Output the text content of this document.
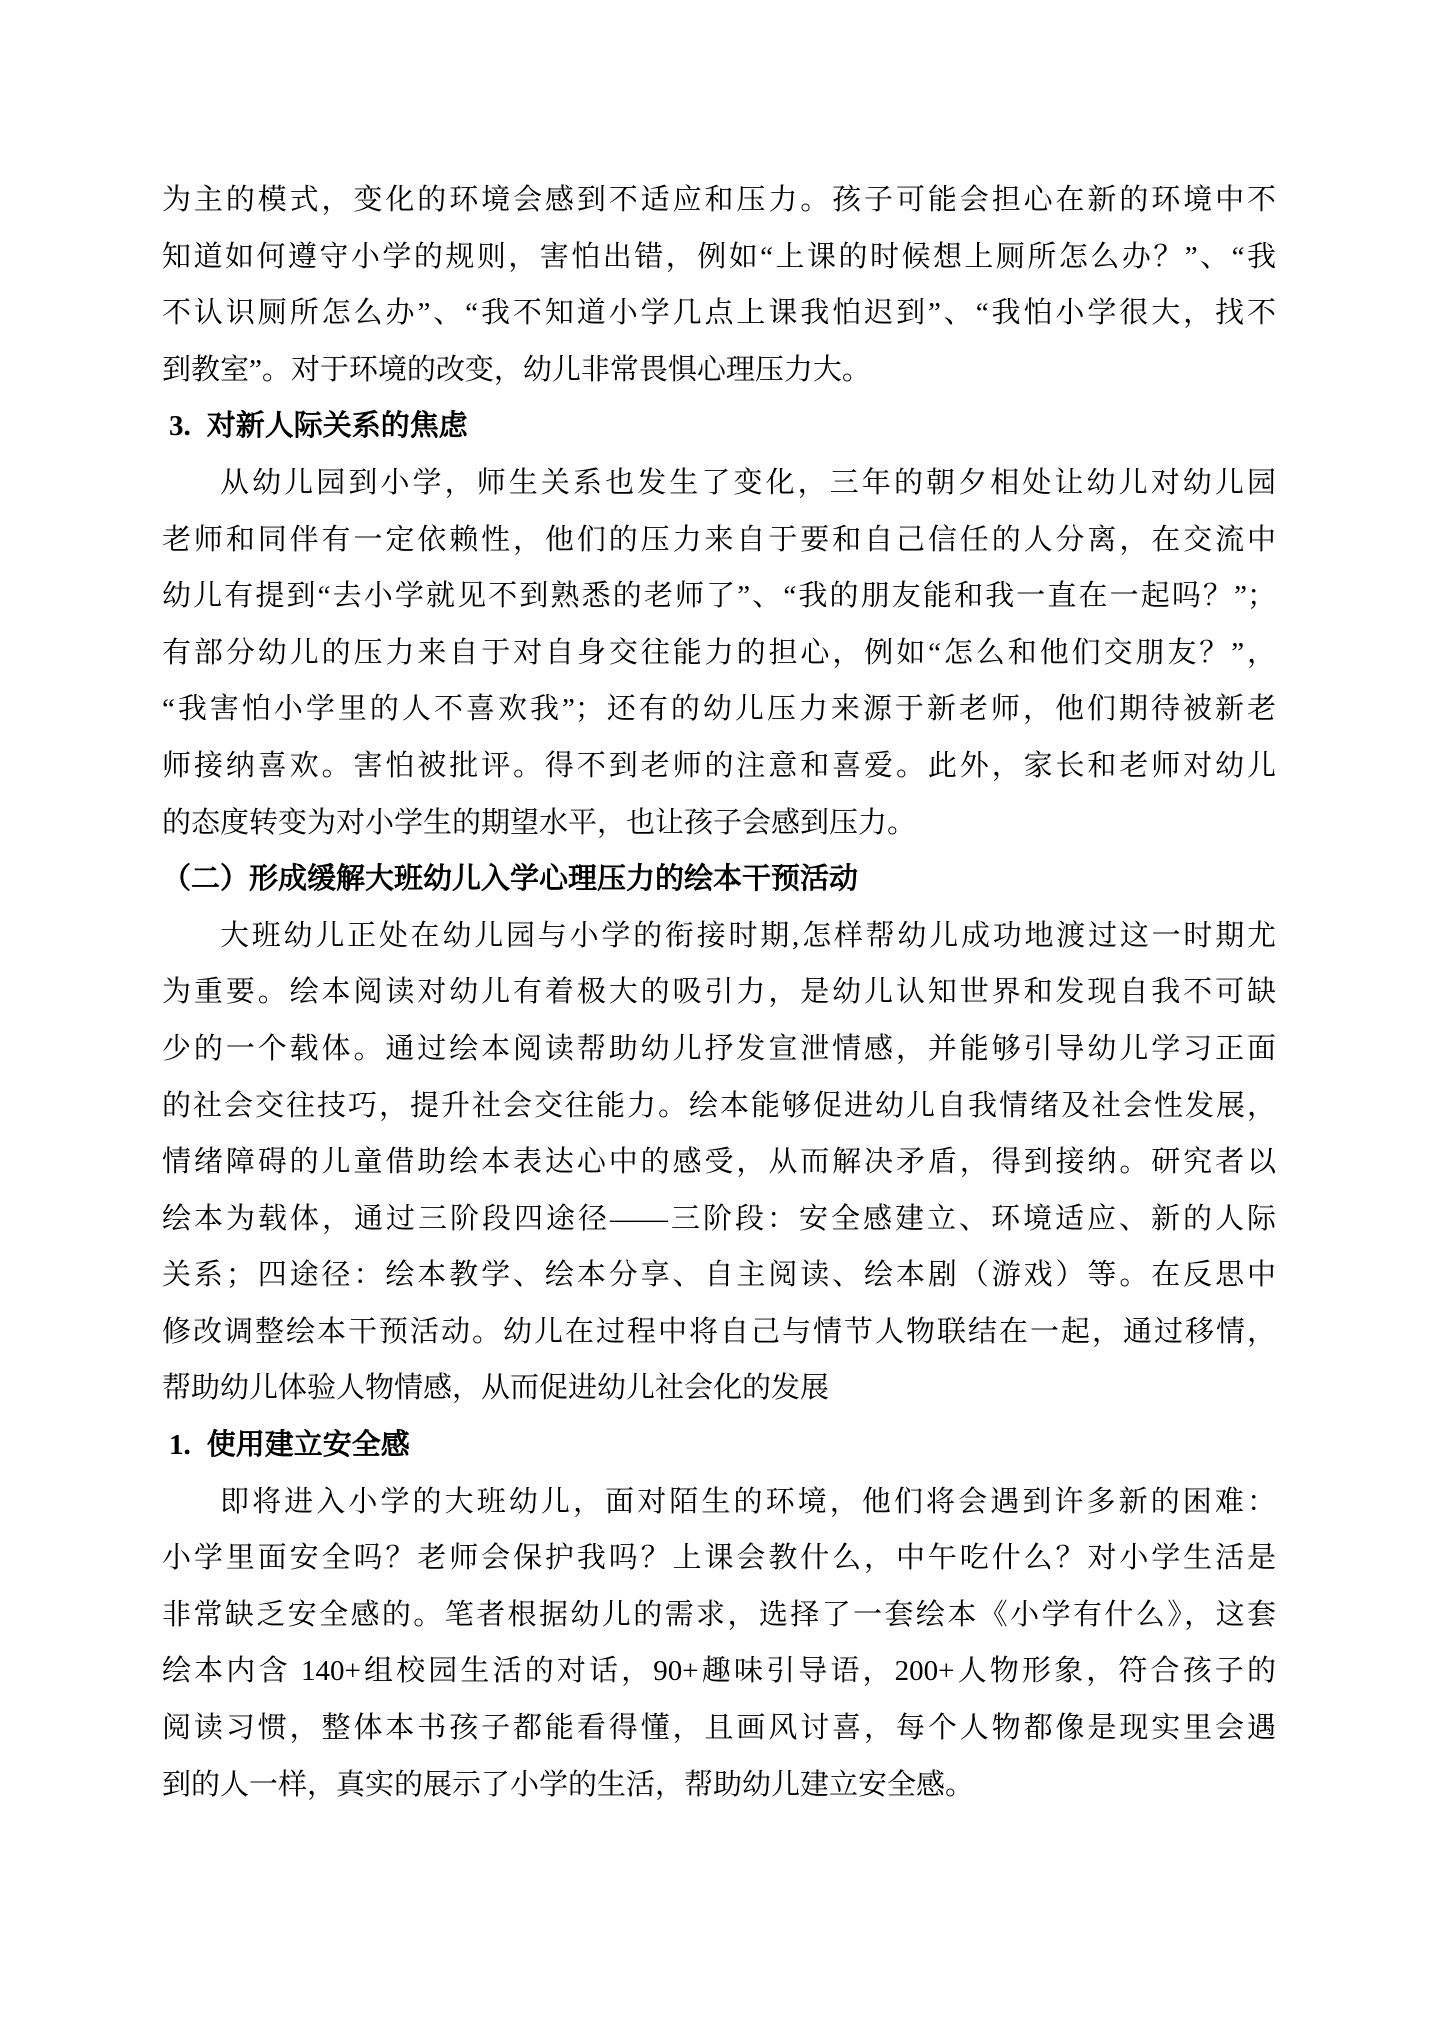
为主的模式，变化的环境会感到不适应和压力。孩子可能会担心在新的环境中不
知道如何遵守小学的规则，害怕出错，例如“上课的时候想上厕所怎么办？”、“我
不认识厕所怎么办”、“我不知道小学几点上课我怕迟到”、“我怕小学很大，找不
到教室”。对于环境的改变，幼儿非常畏惧心理压力大。
3. 对新人际关系的焦虑
从幼儿园到小学，师生关系也发生了变化，三年的朝夕相处让幼儿对幼儿园
老师和同伴有一定依赖性，他们的压力来自于要和自己信任的人分离，在交流中
幼儿有提到“去小学就见不到熟悉的老师了”、“我的朋友能和我一直在一起吗？”；
有部分幼儿的压力来自于对自身交往能力的担心，例如“怎么和他们交朋友？”，
“我害怕小学里的人不喜欢我”；还有的幼儿压力来源于新老师，他们期待被新老
师接纳喜欢。害怕被批评。得不到老师的注意和喜爱。此外，家长和老师对幼儿
的态度转变为对小学生的期望水平，也让孩子会感到压力。
（二）形成缓解大班幼儿入学心理压力的绘本干预活动
大班幼儿正处在幼儿园与小学的衔接时期,怎样帮幼儿成功地渡过这一时期尤
为重要。绘本阅读对幼儿有着极大的吸引力，是幼儿认知世界和发现自我不可缺
少的一个载体。通过绘本阅读帮助幼儿抒发宣泄情感，并能够引导幼儿学习正面
的社会交往技巧，提升社会交往能力。绘本能够促进幼儿自我情绪及社会性发展，
情绪障碍的儿童借助绘本表达心中的感受，从而解决矛盾，得到接纳。研究者以
绘本为载体，通过三阶段四途径——三阶段：安全感建立、环境适应、新的人际
关系；四途径：绘本教学、绘本分享、自主阅读、绘本剧（游戏）等。在反思中
修改调整绘本干预活动。幼儿在过程中将自己与情节人物联结在一起，通过移情，
帮助幼儿体验人物情感，从而促进幼儿社会化的发展
1. 使用建立安全感
即将进入小学的大班幼儿，面对陌生的环境，他们将会遇到许多新的困难：
小学里面安全吗？老师会保护我吗？上课会教什么，中午吃什么？对小学生活是
非常缺乏安全感的。笔者根据幼儿的需求，选择了一套绘本《小学有什么》，这套
绘本内含 140+组校园生活的对话，90+趣味引导语，200+人物形象，符合孩子的
阅读习惯，整体本书孩子都能看得懂，且画风讨喜，每个人物都像是现实里会遇
到的人一样，真实的展示了小学的生活，帮助幼儿建立安全感。
